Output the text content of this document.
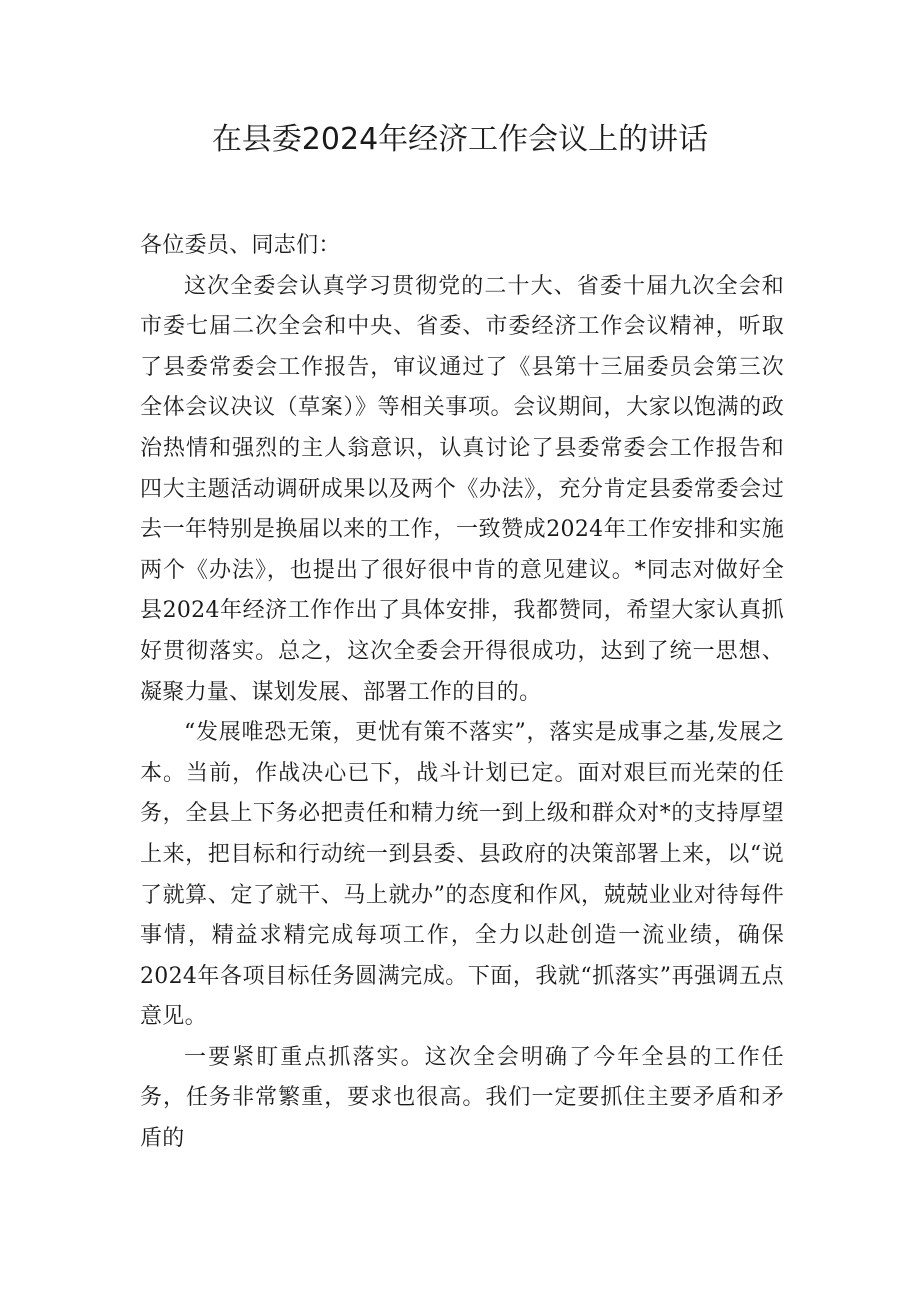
在县委2024年经济工作会议上的讲话

各位委员、同志们：

这次全委会认真学习贯彻党的二十大、省委十届九次全会和市委七届二次全会和中央、省委、市委经济工作会议精神，听取了县委常委会工作报告，审议通过了《县第十三届委员会第三次全体会议决议（草案）》等相关事项。会议期间，大家以饱满的政治热情和强烈的主人翁意识，认真讨论了县委常委会工作报告和四大主题活动调研成果以及两个《办法》，充分肯定县委常委会过去一年特别是换届以来的工作，一致赞成2024年工作安排和实施两个《办法》，也提出了很好很中肯的意见建议。*同志对做好全县2024年经济工作作出了具体安排，我都赞同，希望大家认真抓好贯彻落实。总之，这次全委会开得很成功，达到了统一思想、凝聚力量、谋划发展、部署工作的目的。

“发展唯恐无策，更忧有策不落实”，落实是成事之基,发展之本。当前，作战决心已下，战斗计划已定。面对艰巨而光荣的任务，全县上下务必把责任和精力统一到上级和群众对*的支持厚望上来，把目标和行动统一到县委、县政府的决策部署上来，以“说了就算、定了就干、马上就办”的态度和作风，兢兢业业对待每件事情，精益求精完成每项工作，全力以赴创造一流业绩，确保2024年各项目标任务圆满完成。下面，我就“抓落实”再强调五点意见。

一要紧盯重点抓落实。这次全会明确了今年全县的工作任务，任务非常繁重，要求也很高。我们一定要抓住主要矛盾和矛盾的
